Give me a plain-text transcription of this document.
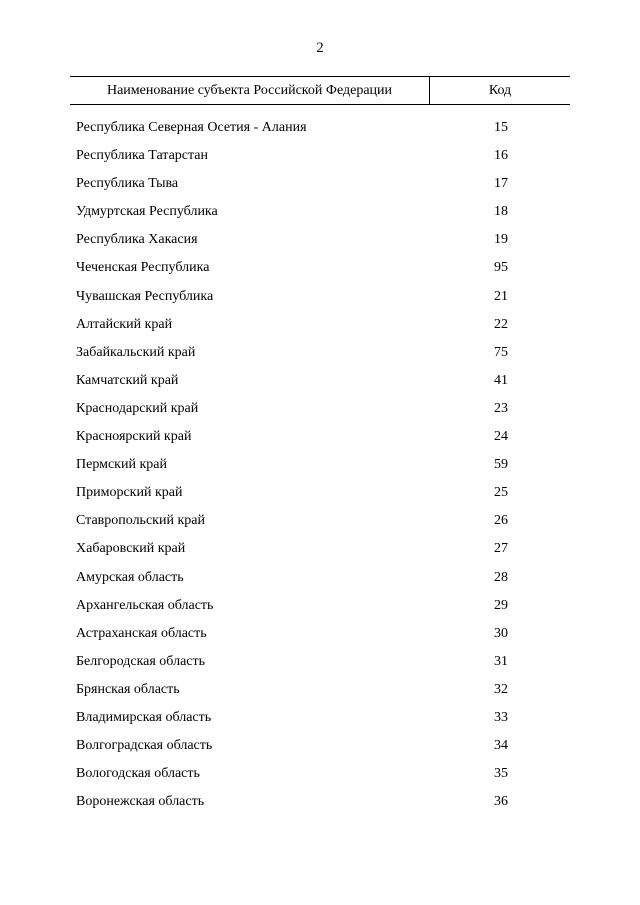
2
Наименование субъекта Российской Федерации	Код
Республика Северная Осетия - Алания	15
Республика Татарстан	16
Республика Тыва	17
Удмуртская Республика	18
Республика Хакасия	19
Чеченская Республика	95
Чувашская Республика	21
Алтайский край	22
Забайкальский край	75
Камчатский край	41
Краснодарский край	23
Красноярский край	24
Пермский край	59
Приморский край	25
Ставропольский край	26
Хабаровский край	27
Амурская область	28
Архангельская область	29
Астраханская область	30
Белгородская область	31
Брянская область	32
Владимирская область	33
Волгоградская область	34
Вологодская область	35
Воронежская область	36
